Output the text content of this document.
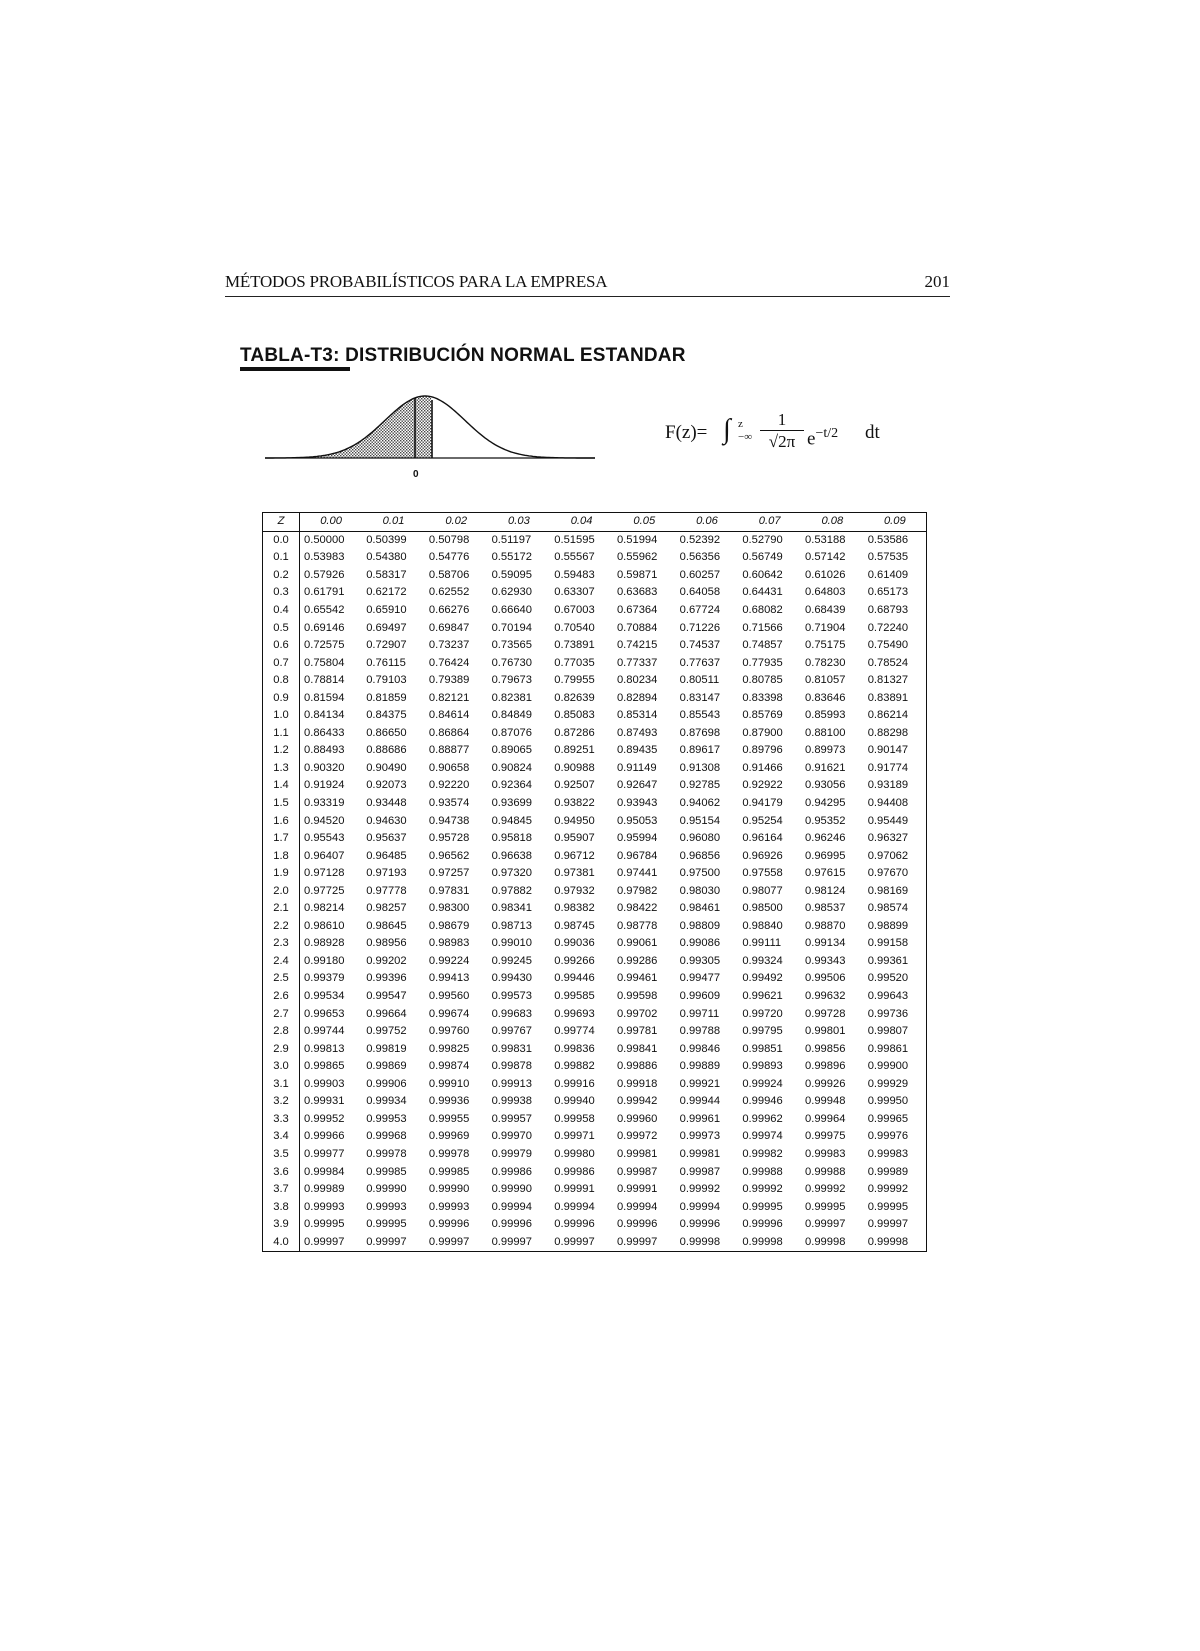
MÉTODOS PROBABILÍSTICOS PARA LA EMPRESA	201
TABLA-T3: DISTRIBUCIÓN NORMAL ESTANDAR
0
F(z)= ∫ z
−∞
1
√2π $e^{-t/2}$ dt
Z	0.00	0.01	0.02	0.03	0.04	0.05	0.06	0.07	0.08	0.09
0.0	0.50000	0.50399	0.50798	0.51197	0.51595	0.51994	0.52392	0.52790	0.53188	0.53586
0.1	0.53983	0.54380	0.54776	0.55172	0.55567	0.55962	0.56356	0.56749	0.57142	0.57535
0.2	0.57926	0.58317	0.58706	0.59095	0.59483	0.59871	0.60257	0.60642	0.61026	0.61409
0.3	0.61791	0.62172	0.62552	0.62930	0.63307	0.63683	0.64058	0.64431	0.64803	0.65173
0.4	0.65542	0.65910	0.66276	0.66640	0.67003	0.67364	0.67724	0.68082	0.68439	0.68793
0.5	0.69146	0.69497	0.69847	0.70194	0.70540	0.70884	0.71226	0.71566	0.71904	0.72240
0.6	0.72575	0.72907	0.73237	0.73565	0.73891	0.74215	0.74537	0.74857	0.75175	0.75490
0.7	0.75804	0.76115	0.76424	0.76730	0.77035	0.77337	0.77637	0.77935	0.78230	0.78524
0.8	0.78814	0.79103	0.79389	0.79673	0.79955	0.80234	0.80511	0.80785	0.81057	0.81327
0.9	0.81594	0.81859	0.82121	0.82381	0.82639	0.82894	0.83147	0.83398	0.83646	0.83891
1.0	0.84134	0.84375	0.84614	0.84849	0.85083	0.85314	0.85543	0.85769	0.85993	0.86214
1.1	0.86433	0.86650	0.86864	0.87076	0.87286	0.87493	0.87698	0.87900	0.88100	0.88298
1.2	0.88493	0.88686	0.88877	0.89065	0.89251	0.89435	0.89617	0.89796	0.89973	0.90147
1.3	0.90320	0.90490	0.90658	0.90824	0.90988	0.91149	0.91308	0.91466	0.91621	0.91774
1.4	0.91924	0.92073	0.92220	0.92364	0.92507	0.92647	0.92785	0.92922	0.93056	0.93189
1.5	0.93319	0.93448	0.93574	0.93699	0.93822	0.93943	0.94062	0.94179	0.94295	0.94408
1.6	0.94520	0.94630	0.94738	0.94845	0.94950	0.95053	0.95154	0.95254	0.95352	0.95449
1.7	0.95543	0.95637	0.95728	0.95818	0.95907	0.95994	0.96080	0.96164	0.96246	0.96327
1.8	0.96407	0.96485	0.96562	0.96638	0.96712	0.96784	0.96856	0.96926	0.96995	0.97062
1.9	0.97128	0.97193	0.97257	0.97320	0.97381	0.97441	0.97500	0.97558	0.97615	0.97670
2.0	0.97725	0.97778	0.97831	0.97882	0.97932	0.97982	0.98030	0.98077	0.98124	0.98169
2.1	0.98214	0.98257	0.98300	0.98341	0.98382	0.98422	0.98461	0.98500	0.98537	0.98574
2.2	0.98610	0.98645	0.98679	0.98713	0.98745	0.98778	0.98809	0.98840	0.98870	0.98899
2.3	0.98928	0.98956	0.98983	0.99010	0.99036	0.99061	0.99086	0.99111	0.99134	0.99158
2.4	0.99180	0.99202	0.99224	0.99245	0.99266	0.99286	0.99305	0.99324	0.99343	0.99361
2.5	0.99379	0.99396	0.99413	0.99430	0.99446	0.99461	0.99477	0.99492	0.99506	0.99520
2.6	0.99534	0.99547	0.99560	0.99573	0.99585	0.99598	0.99609	0.99621	0.99632	0.99643
2.7	0.99653	0.99664	0.99674	0.99683	0.99693	0.99702	0.99711	0.99720	0.99728	0.99736
2.8	0.99744	0.99752	0.99760	0.99767	0.99774	0.99781	0.99788	0.99795	0.99801	0.99807
2.9	0.99813	0.99819	0.99825	0.99831	0.99836	0.99841	0.99846	0.99851	0.99856	0.99861
3.0	0.99865	0.99869	0.99874	0.99878	0.99882	0.99886	0.99889	0.99893	0.99896	0.99900
3.1	0.99903	0.99906	0.99910	0.99913	0.99916	0.99918	0.99921	0.99924	0.99926	0.99929
3.2	0.99931	0.99934	0.99936	0.99938	0.99940	0.99942	0.99944	0.99946	0.99948	0.99950
3.3	0.99952	0.99953	0.99955	0.99957	0.99958	0.99960	0.99961	0.99962	0.99964	0.99965
3.4	0.99966	0.99968	0.99969	0.99970	0.99971	0.99972	0.99973	0.99974	0.99975	0.99976
3.5	0.99977	0.99978	0.99978	0.99979	0.99980	0.99981	0.99981	0.99982	0.99983	0.99983
3.6	0.99984	0.99985	0.99985	0.99986	0.99986	0.99987	0.99987	0.99988	0.99988	0.99989
3.7	0.99989	0.99990	0.99990	0.99990	0.99991	0.99991	0.99992	0.99992	0.99992	0.99992
3.8	0.99993	0.99993	0.99993	0.99994	0.99994	0.99994	0.99994	0.99995	0.99995	0.99995
3.9	0.99995	0.99995	0.99996	0.99996	0.99996	0.99996	0.99996	0.99996	0.99997	0.99997
4.0	0.99997	0.99997	0.99997	0.99997	0.99997	0.99997	0.99998	0.99998	0.99998	0.99998
